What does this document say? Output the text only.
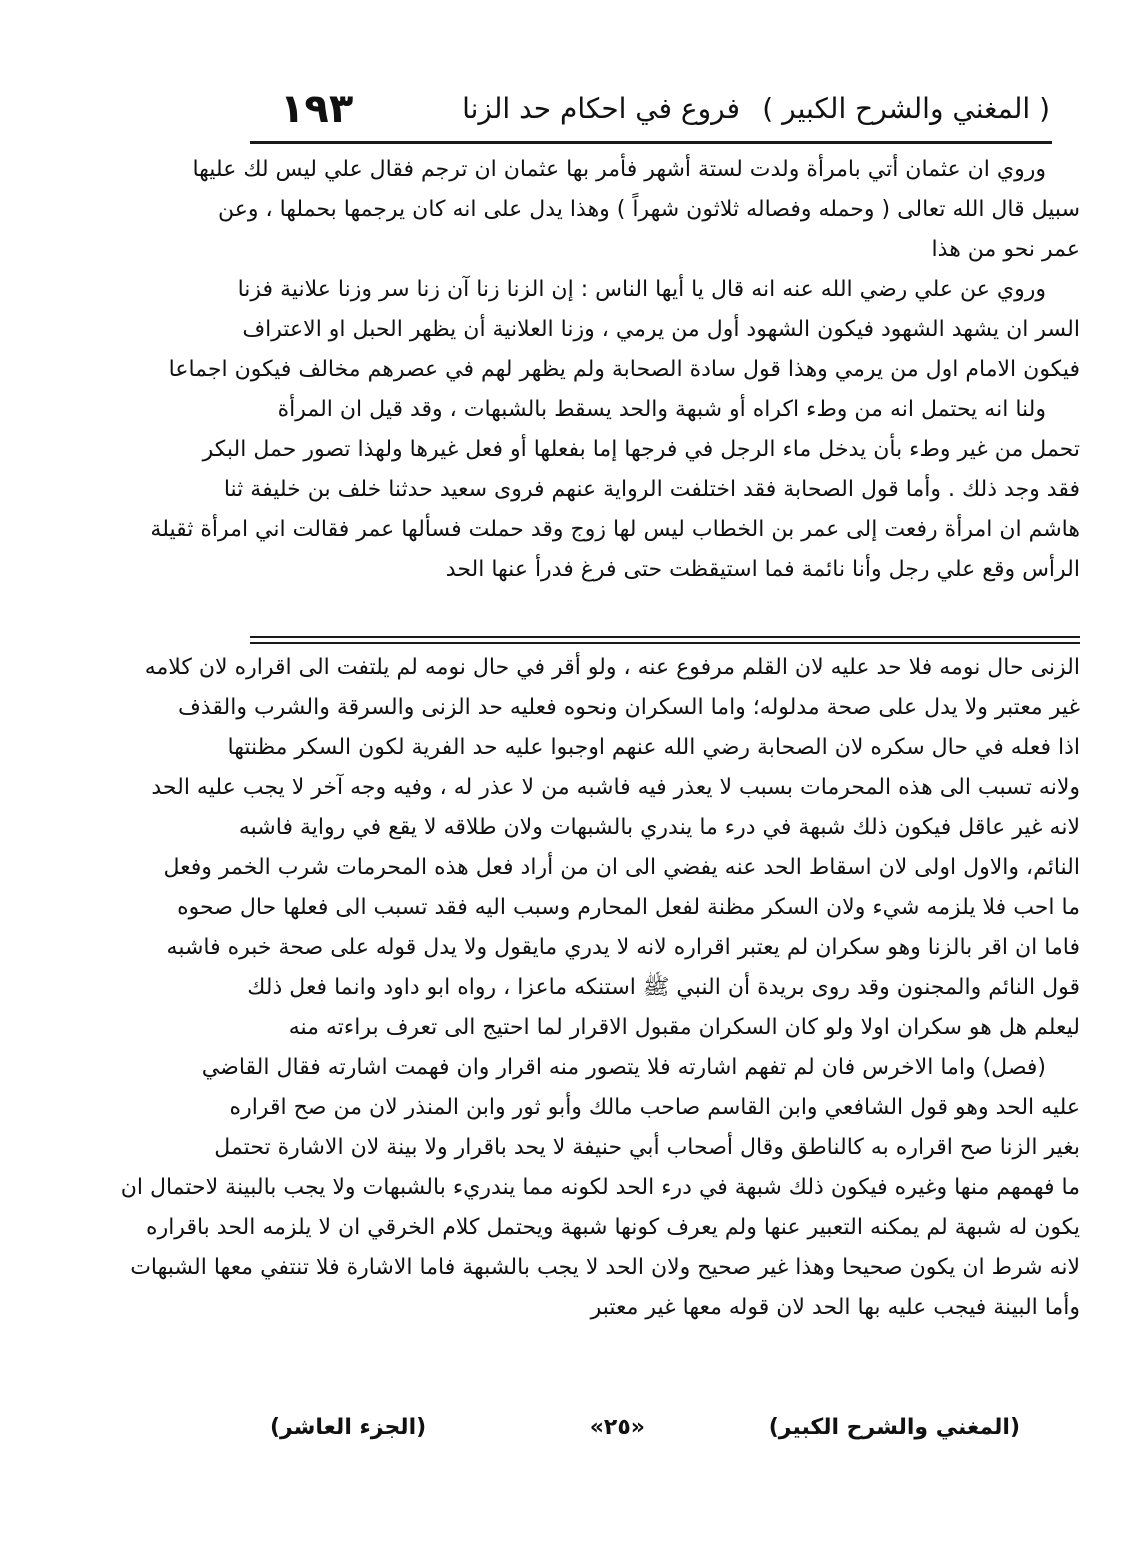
( المغني والشرح الكبير )
فروع في احكام حد الزنا
١٩٣
وروي ان عثمان أتي بامرأة ولدت لستة أشهر فأمر بها عثمان ان ترجم فقال علي ليس لك عليها
سبيل قال الله تعالى ( وحمله وفصاله ثلاثون شهراً ) وهذا يدل على انه كان يرجمها بحملها ، وعن
عمر نحو من هذا
وروي عن علي رضي الله عنه انه قال يا أيها الناس : إن الزنا زنا آن زنا سر وزنا علانية فزنا
السر ان يشهد الشهود فيكون الشهود أول من يرمي ، وزنا العلانية أن يظهر الحبل او الاعتراف
فيكون الامام اول من يرمي وهذا قول سادة الصحابة ولم يظهر لهم في عصرهم مخالف فيكون اجماعا
ولنا انه يحتمل انه من وطء اكراه أو شبهة والحد يسقط بالشبهات ، وقد قيل ان المرأة
تحمل من غير وطء بأن يدخل ماء الرجل في فرجها إما بفعلها أو فعل غيرها ولهذا تصور حمل البكر
فقد وجد ذلك . وأما قول الصحابة فقد اختلفت الرواية عنهم فروى سعيد حدثنا خلف بن خليفة ثنا
هاشم ان امرأة رفعت إلى عمر بن الخطاب ليس لها زوج وقد حملت فسألها عمر فقالت اني امرأة ثقيلة
الرأس وقع علي رجل وأنا نائمة فما استيقظت حتى فرغ فدرأ عنها الحد
الزنى حال نومه فلا حد عليه لان القلم مرفوع عنه ، ولو أقر في حال نومه لم يلتفت الى اقراره لان كلامه
غير معتبر ولا يدل على صحة مدلوله؛ واما السكران ونحوه فعليه حد الزنى والسرقة والشرب والقذف
اذا فعله في حال سكره لان الصحابة رضي الله عنهم اوجبوا عليه حد الفرية لكون السكر مظنتها
ولانه تسبب الى هذه المحرمات بسبب لا يعذر فيه فاشبه من لا عذر له ، وفيه وجه آخر لا يجب عليه الحد
لانه غير عاقل فيكون ذلك شبهة في درء ما يندري بالشبهات ولان طلاقه لا يقع في رواية فاشبه
النائم، والاول اولى لان اسقاط الحد عنه يفضي الى ان من أراد فعل هذه المحرمات شرب الخمر وفعل
ما احب فلا يلزمه شيء ولان السكر مظنة لفعل المحارم وسبب اليه فقد تسبب الى فعلها حال صحوه
فاما ان اقر بالزنا وهو سكران لم يعتبر اقراره لانه لا يدري مايقول ولا يدل قوله على صحة خبره فاشبه
قول النائم والمجنون وقد روى بريدة أن النبي ﷺ استنكه ماعزا ، رواه ابو داود وانما فعل ذلك
ليعلم هل هو سكران اولا ولو كان السكران مقبول الاقرار لما احتيج الى تعرف براءته منه
(فصل) واما الاخرس فان لم تفهم اشارته فلا يتصور منه اقرار وان فهمت اشارته فقال القاضي
عليه الحد وهو قول الشافعي وابن القاسم صاحب مالك وأبو ثور وابن المنذر لان من صح اقراره
بغير الزنا صح اقراره به كالناطق وقال أصحاب أبي حنيفة لا يحد باقرار ولا بينة لان الاشارة تحتمل
ما فهمهم منها وغيره فيكون ذلك شبهة في درء الحد لكونه مما يندريء بالشبهات ولا يجب بالبينة لاحتمال ان
يكون له شبهة لم يمكنه التعبير عنها ولم يعرف كونها شبهة ويحتمل كلام الخرقي ان لا يلزمه الحد باقراره
لانه شرط ان يكون صحيحا وهذا غير صحيح ولان الحد لا يجب بالشبهة فاما الاشارة فلا تنتفي معها الشبهات
وأما البينة فيجب عليه بها الحد لان قوله معها غير معتبر
(المغني والشرح الكبير)
«٢٥»
(الجزء العاشر)
